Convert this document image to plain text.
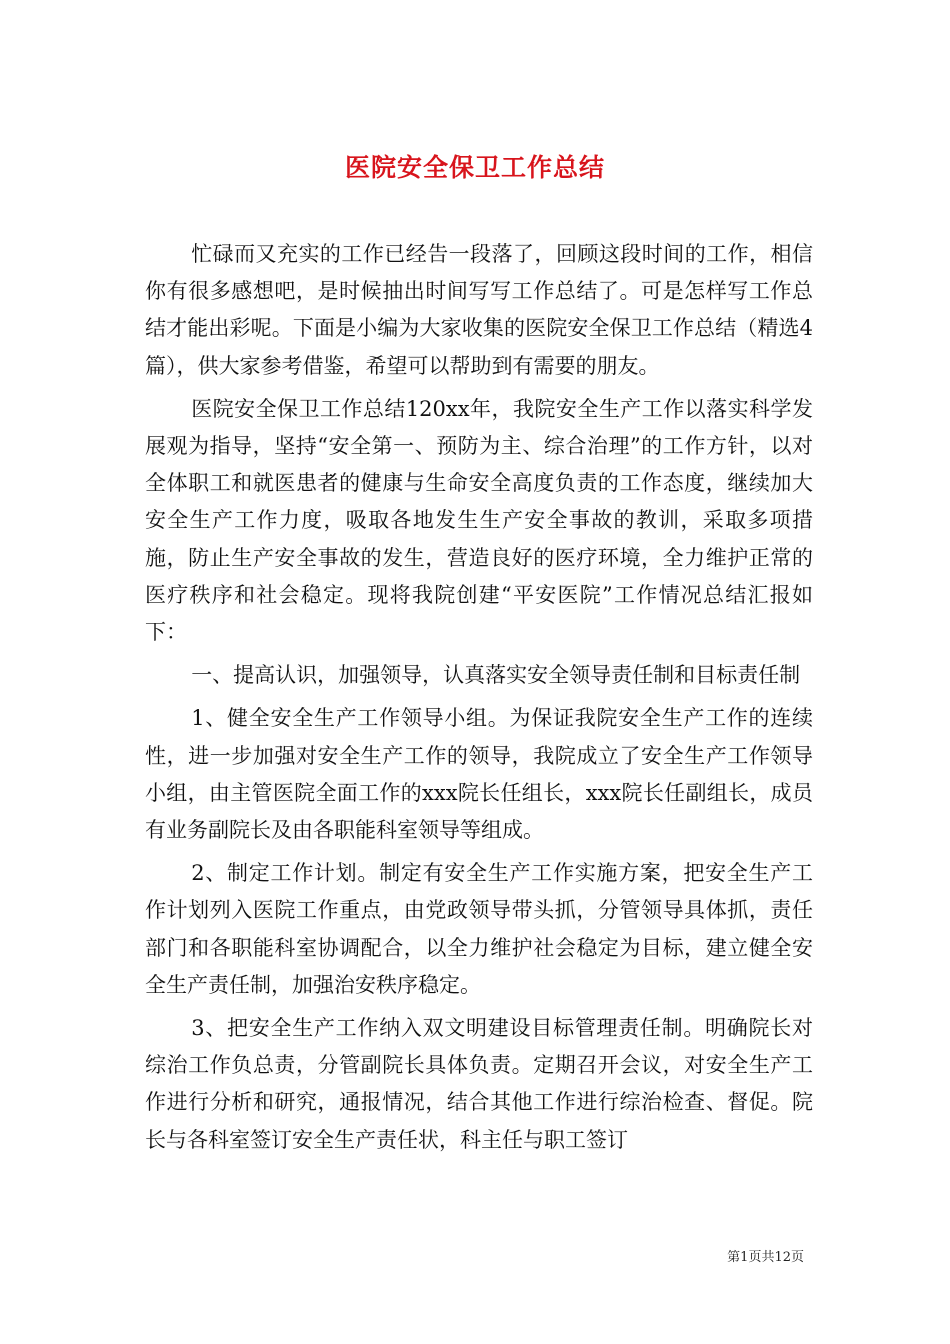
医院安全保卫工作总结

忙碌而又充实的工作已经告一段落了，回顾这段时间的工作，相信你有很多感想吧，是时候抽出时间写写工作总结了。可是怎样写工作总结才能出彩呢。下面是小编为大家收集的医院安全保卫工作总结（精选4篇），供大家参考借鉴，希望可以帮助到有需要的朋友。

医院安全保卫工作总结120xx年，我院安全生产工作以落实科学发展观为指导，坚持“安全第一、预防为主、综合治理”的工作方针，以对全体职工和就医患者的健康与生命安全高度负责的工作态度，继续加大安全生产工作力度，吸取各地发生生产安全事故的教训，采取多项措施，防止生产安全事故的发生，营造良好的医疗环境，全力维护正常的医疗秩序和社会稳定。现将我院创建“平安医院”工作情况总结汇报如下：

一、提高认识，加强领导，认真落实安全领导责任制和目标责任制

1、健全安全生产工作领导小组。为保证我院安全生产工作的连续性，进一步加强对安全生产工作的领导，我院成立了安全生产工作领导小组，由主管医院全面工作的xxx院长任组长，xxx院长任副组长，成员有业务副院长及由各职能科室领导等组成。

2、制定工作计划。制定有安全生产工作实施方案，把安全生产工作计划列入医院工作重点，由党政领导带头抓，分管领导具体抓，责任部门和各职能科室协调配合，以全力维护社会稳定为目标，建立健全安全生产责任制，加强治安秩序稳定。

3、把安全生产工作纳入双文明建设目标管理责任制。明确院长对综治工作负总责，分管副院长具体负责。定期召开会议，对安全生产工作进行分析和研究，通报情况，结合其他工作进行综治检查、督促。院长与各科室签订安全生产责任状，科主任与职工签订

第1页共12页
